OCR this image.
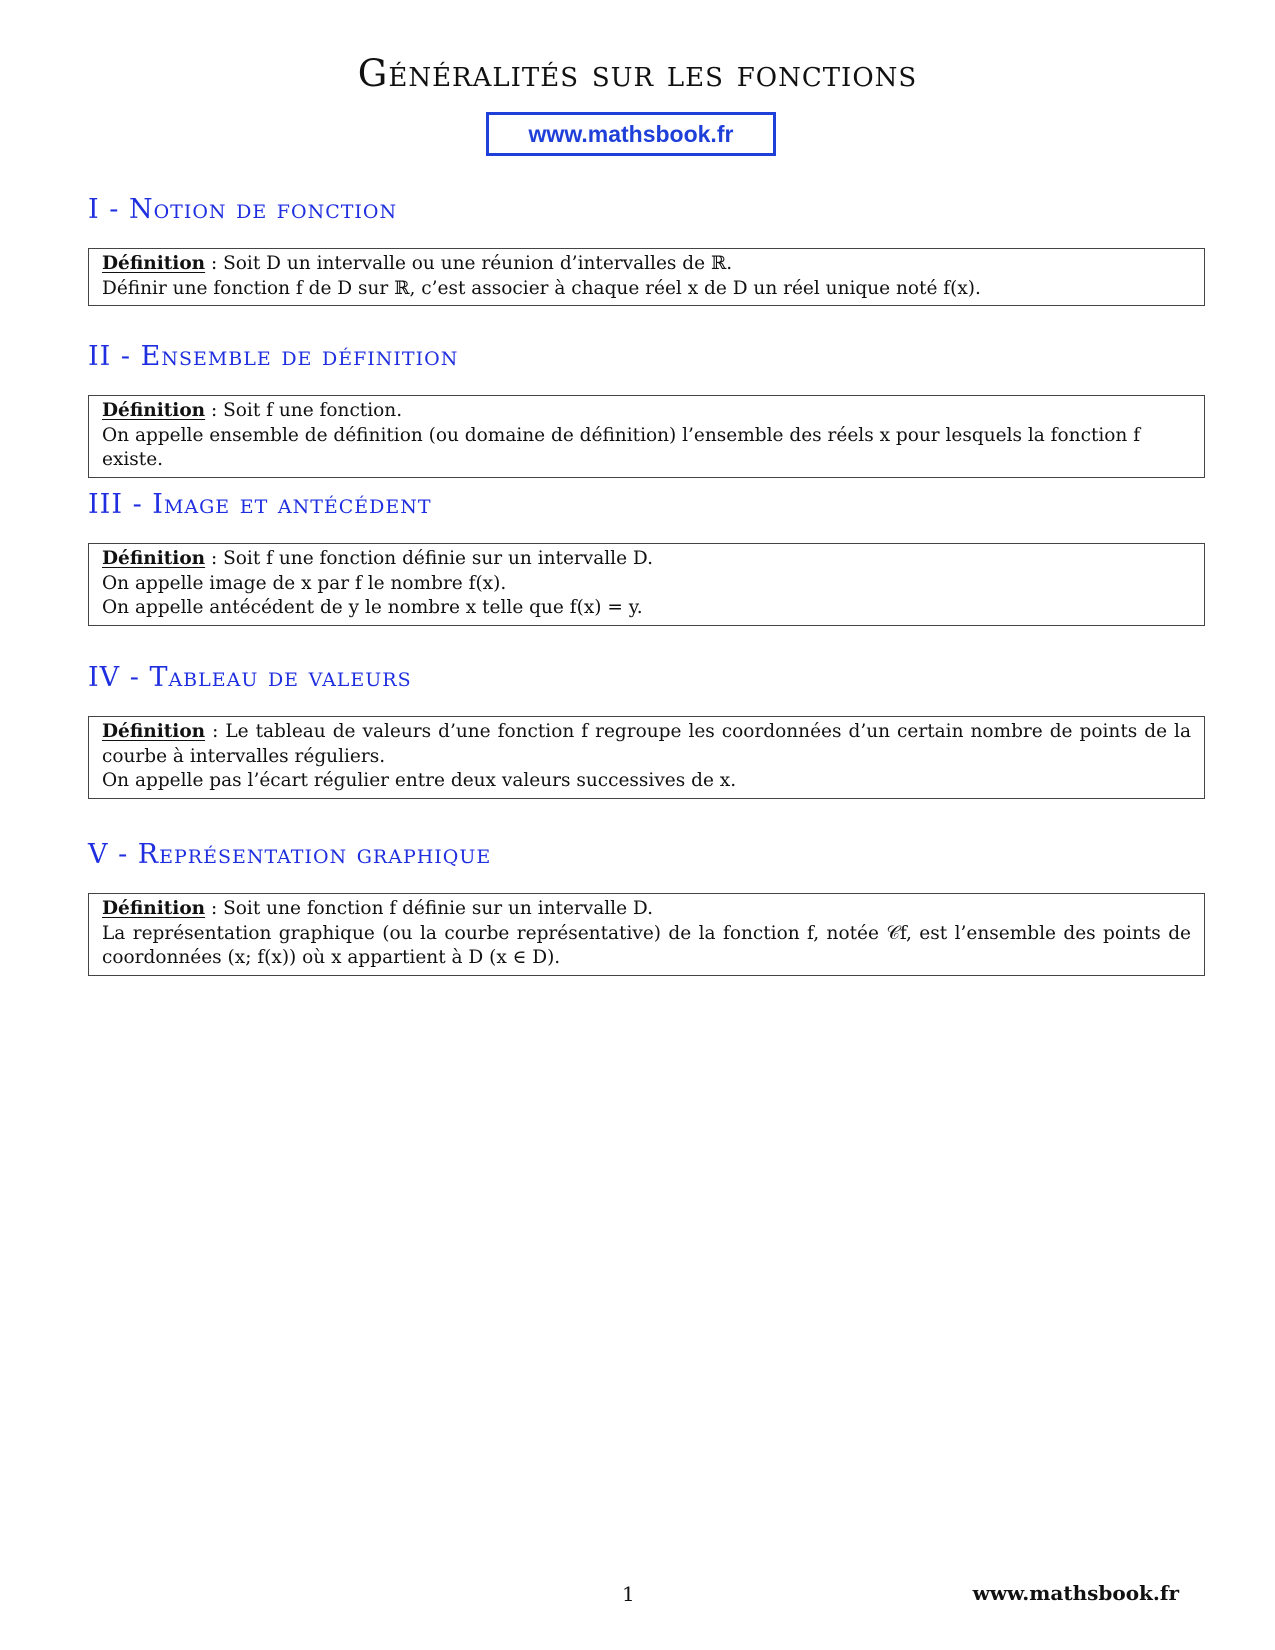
Généralités sur les fonctions
www.mathsbook.fr
I - Notion de fonction

Définition : Soit D un intervalle ou une réunion d’intervalles de ℝ.

Définir une fonction f de D sur ℝ, c’est associer à chaque réel x de D un réel unique noté f(x).

II - Ensemble de définition

Définition : Soit f une fonction.

On appelle ensemble de définition (ou domaine de définition) l’ensemble des réels x pour lesquels la fonction f existe.

III - Image et antécédent

Définition : Soit f une fonction définie sur un intervalle D.

On appelle image de x par f le nombre f(x).

On appelle antécédent de y le nombre x telle que f(x) = y.

IV - Tableau de valeurs

Définition : Le tableau de valeurs d’une fonction f regroupe les coordonnées d’un certain nombre de points de la courbe à intervalles réguliers.

On appelle pas l’écart régulier entre deux valeurs successives de x.

V - Représentation graphique

Définition : Soit une fonction f définie sur un intervalle D.

La représentation graphique (ou la courbe représentative) de la fonction f, notée 𝒞f, est l’ensemble des points de coordonnées (x; f(x)) où x appartient à D (x ∈ D).

1	www.mathsbook.fr
